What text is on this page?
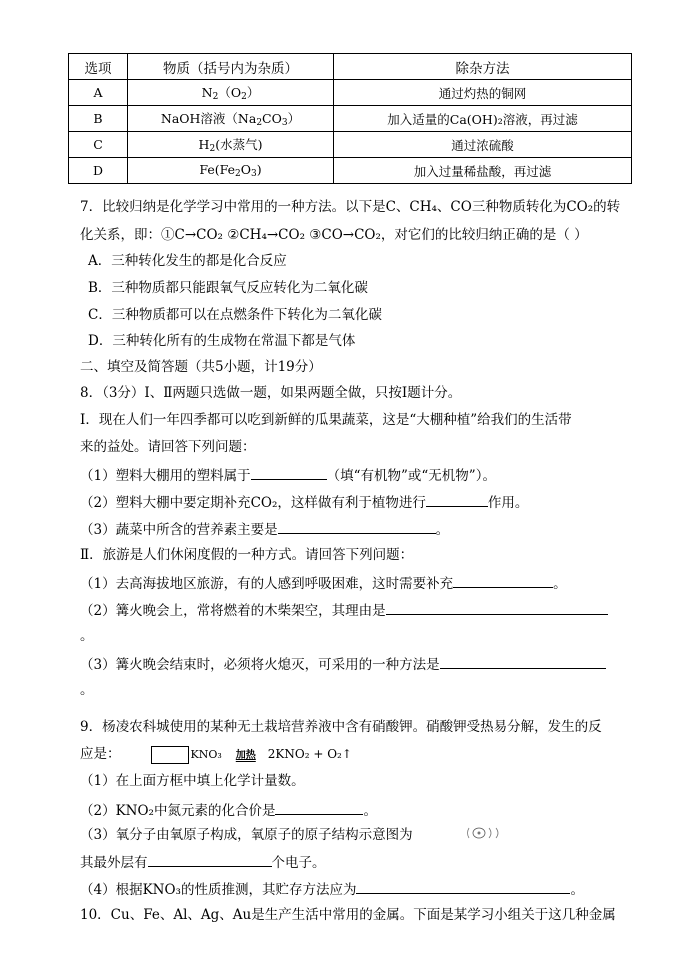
选项	物质（括号内为杂质）	除杂方法
A	$N_2(O_2)$	通过灼热的铜网
B	NaOH溶液$(Na_2CO_3)$	加入适量的Ca(OH)₂溶液，再过滤
C	$H_2$(水蒸气)	通过浓硫酸
D	$Fe(Fe_2O_3)$	加入过量稀盐酸，再过滤
7．比较归纳是化学学习中常用的一种方法。以下是C、CH₄、CO三种物质转化为CO₂的转
化关系，即：①C→CO₂ ②CH₄→CO₂ ③CO→CO₂，对它们的比较归纳正确的是（ ）
A．三种转化发生的都是化合反应
B．三种物质都只能跟氧气反应转化为二氧化碳
C．三种物质都可以在点燃条件下转化为二氧化碳
D．三种转化所有的生成物在常温下都是气体
二、填空及简答题（共5小题，计19分）
8．（3分）Ⅰ、Ⅱ两题只选做一题，如果两题全做，只按Ⅰ题计分。
Ⅰ．现在人们一年四季都可以吃到新鲜的瓜果蔬菜，这是“大棚种植”给我们的生活带
来的益处。请回答下列问题：
（1）塑料大棚用的塑料属于	（填“有机物”或“无机物”）。
（2）塑料大棚中要定期补充CO₂，这样做有利于植物进行	作用。
（3）蔬菜中所含的营养素主要是	。
Ⅱ．旅游是人们休闲度假的一种方式。请回答下列问题：
（1）去高海拔地区旅游，有的人感到呼吸困难，这时需要补充	。
（2）篝火晚会上，常将燃着的木柴架空，其理由是
。
（3）篝火晚会结束时，必须将火熄灭，可采用的一种方法是
。
9．杨凌农科城使用的某种无土栽培营养液中含有硝酸钾。硝酸钾受热易分解，发生的反
应是：	KNO₃ 加热 2KNO₂ + O₂↑
（1）在上面方框中填上化学计量数。
（2）KNO₂中氮元素的化合价是	。
（3）氧分子由氧原子构成，氧原子的原子结构示意图为
其最外层有	个电子。
（4）根据KNO₃的性质推测，其贮存方法应为	。
10．Cu、Fe、Al、Ag、Au是生产生活中常用的金属。下面是某学习小组关于这几种金属
